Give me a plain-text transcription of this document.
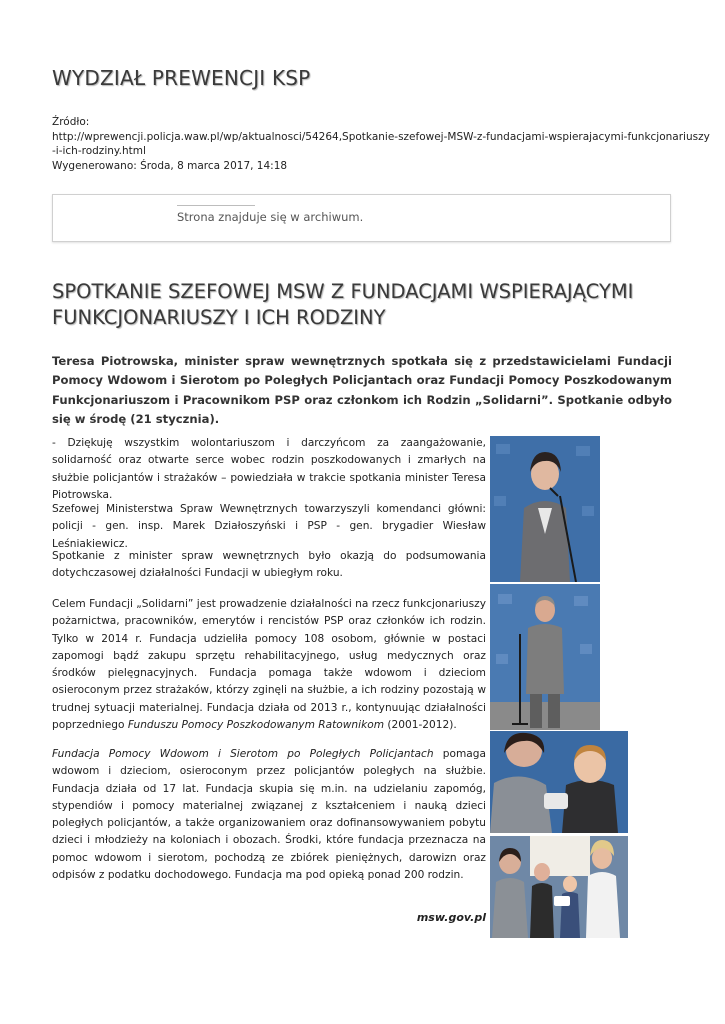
WYDZIAŁ PREWENCJI KSP
Źródło:
http://wprewencji.policja.waw.pl/wp/aktualnosci/54264,Spotkanie-szefowej-MSW-z-fundacjami-wspierajacymi-funkcjonariuszy
-i-ich-rodziny.html
Wygenerowano: Środa, 8 marca 2017, 14:18
Strona znajduje się w archiwum.
SPOTKANIE SZEFOWEJ MSW Z FUNDACJAMI WSPIERAJĄCYMI FUNKCJONARIUSZY I ICH RODZINY

Teresa Piotrowska, minister spraw wewnętrznych spotkała się z przedstawicielami Fundacji Pomocy Wdowom i Sierotom po Poległych Policjantach oraz Fundacji Pomocy Poszkodowanym Funkcjonariuszom i Pracownikom PSP oraz członkom ich Rodzin „Solidarni”. Spotkanie odbyło się w środę (21 stycznia).

- Dziękuję wszystkim wolontariuszom i darczyńcom za zaangażowanie, solidarność oraz otwarte serce wobec rodzin poszkodowanych i zmarłych na służbie policjantów i strażaków – powiedziała w trakcie spotkania minister Teresa Piotrowska.

Szefowej Ministerstwa Spraw Wewnętrznych towarzyszyli komendanci główni: policji - gen. insp. Marek Działoszyński i PSP - gen. brygadier Wiesław Leśniakiewicz.

Spotkanie z minister spraw wewnętrznych było okazją do podsumowania dotychczasowej działalności Fundacji w ubiegłym roku.

Celem Fundacji „Solidarni” jest prowadzenie działalności na rzecz funkcjonariuszy pożarnictwa, pracowników, emerytów i rencistów PSP oraz członków ich rodzin. Tylko w 2014 r. Fundacja udzieliła pomocy 108 osobom, głównie w postaci zapomogi bądź zakupu sprzętu rehabilitacyjnego, usług medycznych oraz środków pielęgnacyjnych. Fundacja pomaga także wdowom i dzieciom osieroconym przez strażaków, którzy zginęli na służbie, a ich rodziny pozostają w trudnej sytuacji materialnej. Fundacja działa od 2013 r., kontynuując działalności poprzedniego Funduszu Pomocy Poszkodowanym Ratownikom (2001-2012).

Fundacja Pomocy Wdowom i Sierotom po Poległych Policjantach pomaga wdowom i dzieciom, osieroconym przez policjantów poległych na służbie. Fundacja działa od 17 lat. Fundacja skupia się m.in. na udzielaniu zapomóg, stypendiów i pomocy materialnej związanej z kształceniem i nauką dzieci poległych policjantów, a także organizowaniem oraz dofinansowywaniem pobytu dzieci i młodzieży na koloniach i obozach. Środki, które fundacja przeznacza na pomoc wdowom i sierotom, pochodzą ze zbiórek pieniężnych, darowizn oraz odpisów z podatku dochodowego. Fundacja ma pod opieką ponad 200 rodzin.

msw.gov.pl
